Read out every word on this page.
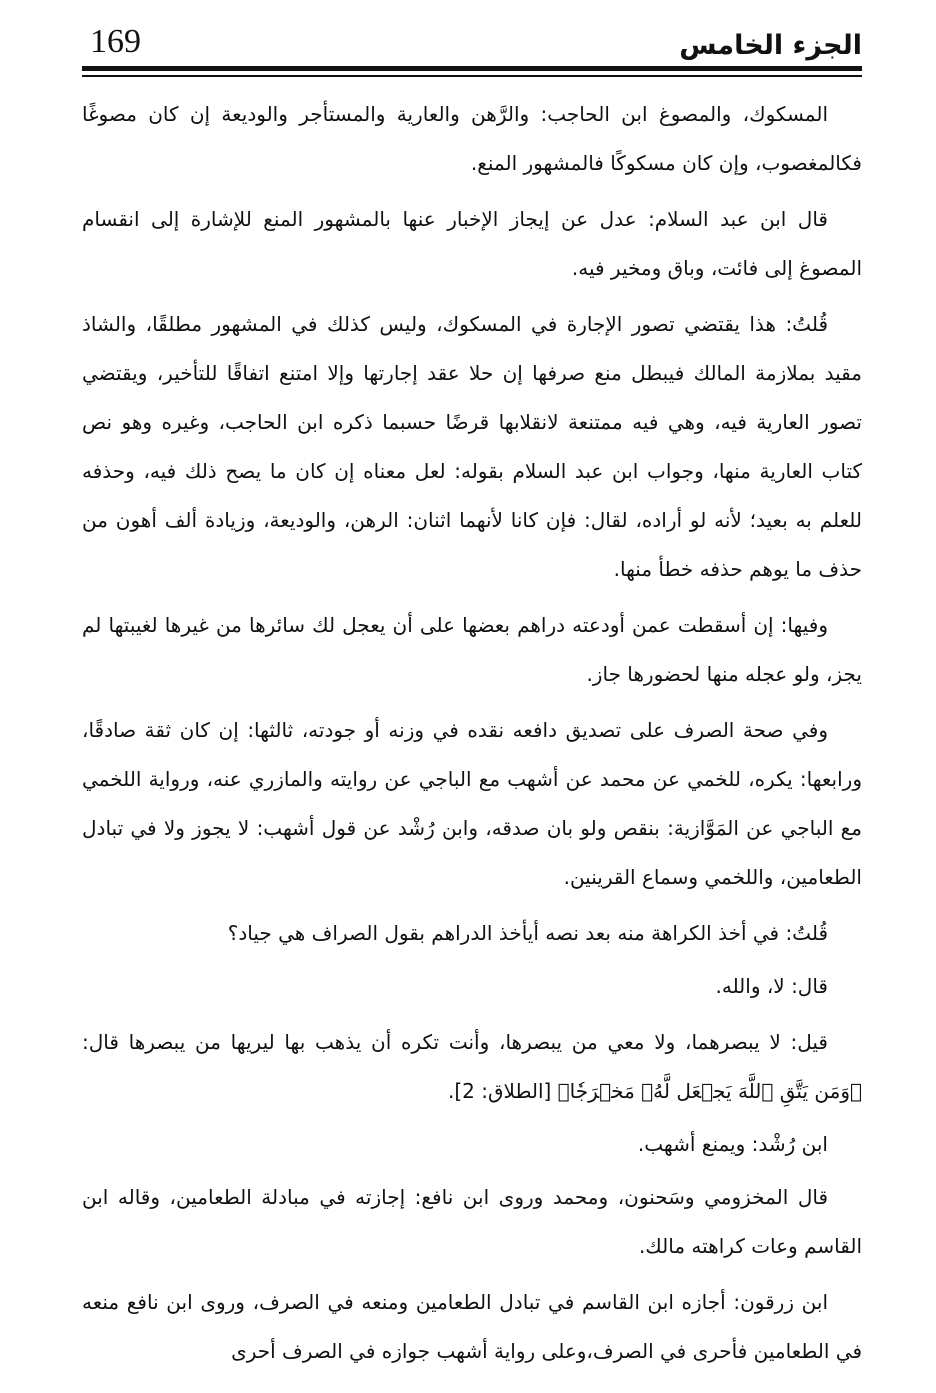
169	الجزء الخامس

المسكوك، والمصوغ ابن الحاجب: والرَّهن والعارية والمستأجر والوديعة إن كان مصوغًا فكالمغصوب، وإن كان مسكوكًا فالمشهور المنع.

قال ابن عبد السلام: عدل عن إيجاز الإخبار عنها بالمشهور المنع للإشارة إلى انقسام المصوغ إلى فائت، وباق ومخير فيه.

قُلتُ: هذا يقتضي تصور الإجارة في المسكوك، وليس كذلك في المشهور مطلقًا، والشاذ مقيد بملازمة المالك فيبطل منع صرفها إن حلا عقد إجارتها وإلا امتنع اتفاقًا للتأخير، ويقتضي تصور العارية فيه، وهي فيه ممتنعة لانقلابها قرضًا حسبما ذكره ابن الحاجب، وغيره وهو نص كتاب العارية منها، وجواب ابن عبد السلام بقوله: لعل معناه إن كان ما يصح ذلك فيه، وحذفه للعلم به بعيد؛ لأنه لو أراده، لقال: فإن كانا لأنهما اثنان: الرهن، والوديعة، وزيادة ألف أهون من حذف ما يوهم حذفه خطأ منها.

وفيها: إن أسقطت عمن أودعته دراهم بعضها على أن يعجل لك سائرها من غيرها لغيبتها لم يجز، ولو عجله منها لحضورها جاز.

وفي صحة الصرف على تصديق دافعه نقده في وزنه أو جودته، ثالثها: إن كان ثقة صادقًا، ورابعها: يكره، للخمي عن محمد عن أشهب مع الباجي عن روايته والمازري عنه، ورواية اللخمي مع الباجي عن المَوَّازية: بنقص ولو بان صدقه، وابن رُشْد عن قول أشهب: لا يجوز ولا في تبادل الطعامين، واللخمي وسماع القرينين.

قُلتُ: في أخذ الكراهة منه بعد نصه أيأخذ الدراهم بقول الصراف هي جياد؟

قال: لا، والله.

قيل: لا يبصرهما، ولا معي من يبصرها، وأنت تكره أن يذهب بها ليريها من يبصرها قال: ﴿وَمَن يَتَّقِ ٱللَّهَ يَجۡعَل لَّهُۥ مَخۡرَجٗا﴾ [الطلاق: 2].

ابن رُشْد: ويمنع أشهب.

قال المخزومي وسَحنون، ومحمد وروى ابن نافع: إجازته في مبادلة الطعامين، وقاله ابن القاسم وعات كراهته مالك.

ابن زرقون: أجازه ابن القاسم في تبادل الطعامين ومنعه في الصرف، وروى ابن نافع منعه في الطعامين فأحرى في الصرف،وعلى رواية أشهب جوازه في الصرف أحرى
